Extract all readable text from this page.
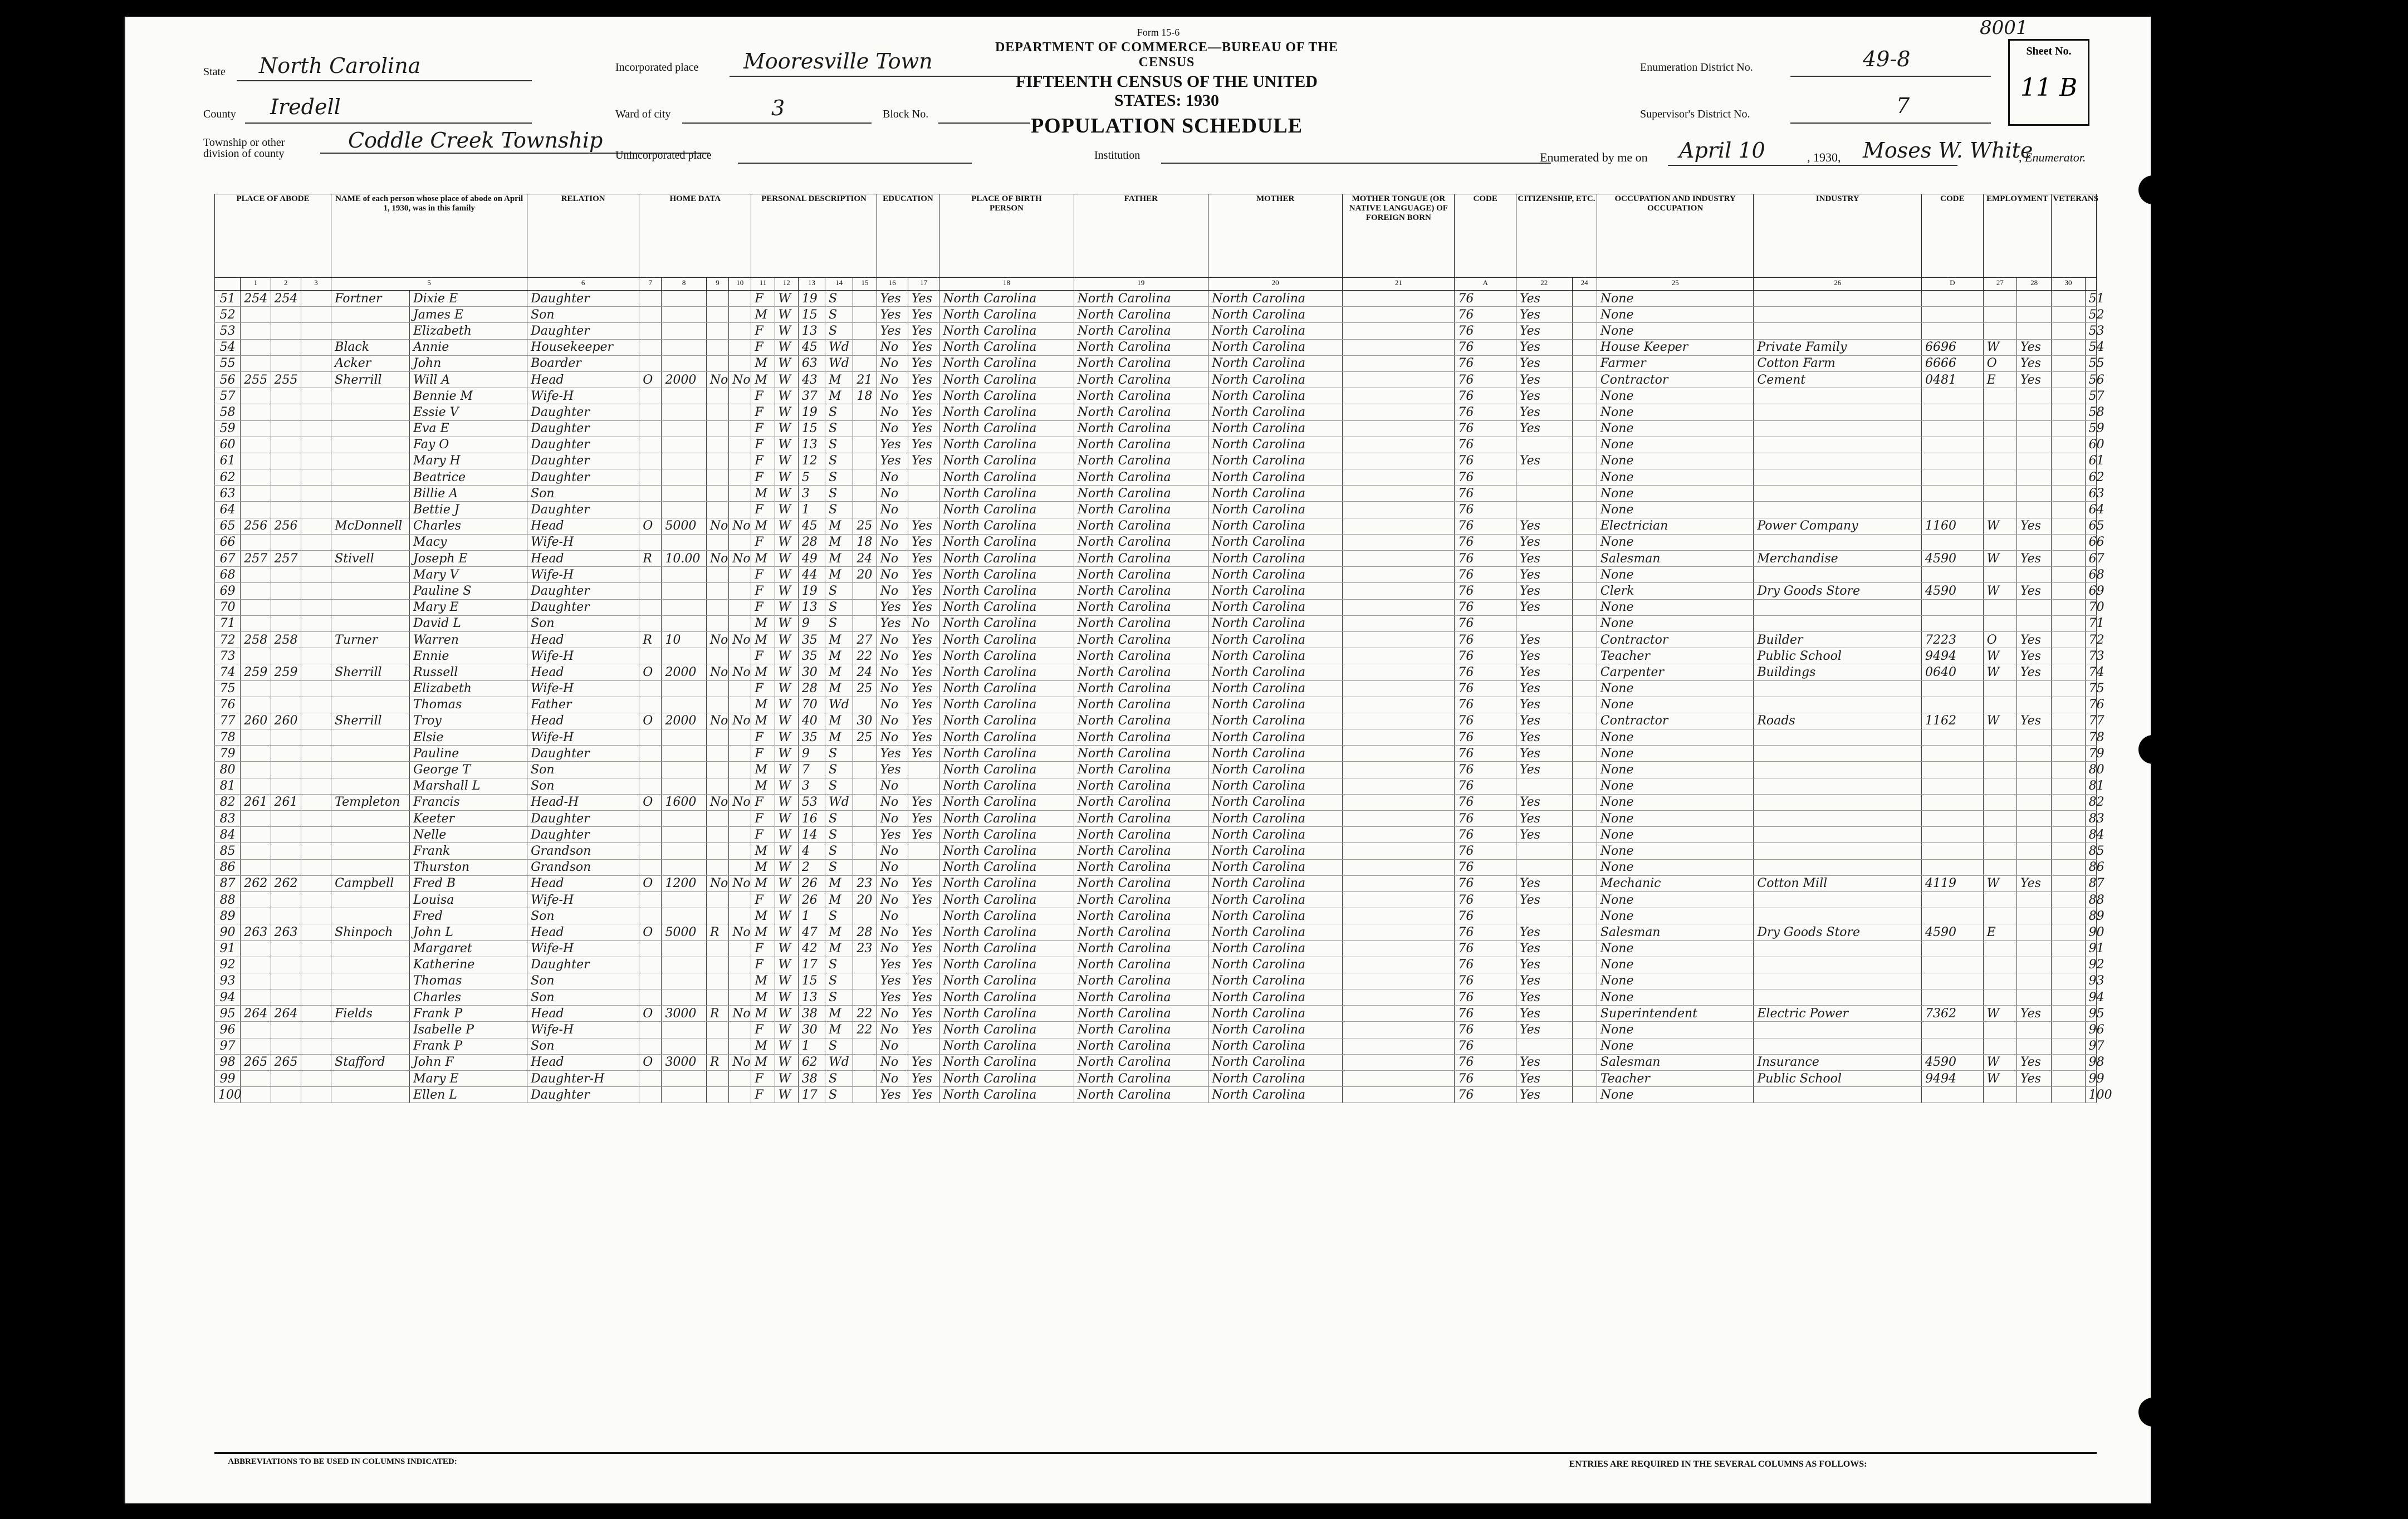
Form 15-6
DEPARTMENT OF COMMERCE—BUREAU OF THE CENSUS
FIFTEENTH CENSUS OF THE UNITED STATES: 1930
POPULATION SCHEDULE
State North Carolina
County Iredell
Township or other division of county
Coddle Creek Township
Incorporated place Mooresville Town
Ward of city	3	Block No.
Unincorporated place	Institution
Enumeration District No.	49-8
Supervisor's District No.	7
8001
Sheet No.
11 B
Enumerated by me on April 10	, 1930, Moses W. White
, Enumerator.
PLACE OF ABODE				NAME of each person whose place of abode on April 1, 1930, was in this family		RELATION	HOME DATA				PERSONAL DESCRIPTION					EDUCATION		PLACE OF BIRTH
PERSON	FATHER	MOTHER	MOTHER TONGUE (OR NATIVE LANGUAGE) OF FOREIGN BORN	CODE	CITIZENSHIP, ETC.		OCCUPATION AND INDUSTRY
OCCUPATION	INDUSTRY	CODE	EMPLOYMENT		VETERANS	
	1	2	3	5		6	7	8	9	10	11	12	13	14	15	16	17	18	19	20	21	A	22	24	25	26	D	27	28	30	
51	254	254		Fortner	Dixie E	Daughter					F	W	19	S		Yes	Yes	North Carolina	North Carolina	North Carolina		76	Yes		None						51
52					James E	Son					M	W	15	S		Yes	Yes	North Carolina	North Carolina	North Carolina		76	Yes		None						52
53					Elizabeth	Daughter					F	W	13	S		Yes	Yes	North Carolina	North Carolina	North Carolina		76	Yes		None						53
54				Black	Annie	Housekeeper					F	W	45	Wd		No	Yes	North Carolina	North Carolina	North Carolina		76	Yes		House Keeper	Private Family	6696	W	Yes		54
55				Acker	John	Boarder					M	W	63	Wd		No	Yes	North Carolina	North Carolina	North Carolina		76	Yes		Farmer	Cotton Farm	6666	O	Yes		55
56	255	255		Sherrill	Will A	Head	O	2000	No	No	M	W	43	M	21	No	Yes	North Carolina	North Carolina	North Carolina		76	Yes		Contractor	Cement	0481	E	Yes		56
57					Bennie M	Wife-H					F	W	37	M	18	No	Yes	North Carolina	North Carolina	North Carolina		76	Yes		None						57
58					Essie V	Daughter					F	W	19	S		No	Yes	North Carolina	North Carolina	North Carolina		76	Yes		None						58
59					Eva E	Daughter					F	W	15	S		No	Yes	North Carolina	North Carolina	North Carolina		76	Yes		None						59
60					Fay O	Daughter					F	W	13	S		Yes	Yes	North Carolina	North Carolina	North Carolina		76			None						60
61					Mary H	Daughter					F	W	12	S		Yes	Yes	North Carolina	North Carolina	North Carolina		76	Yes		None						61
62					Beatrice	Daughter					F	W	5	S		No		North Carolina	North Carolina	North Carolina		76			None						62
63					Billie A	Son					M	W	3	S		No		North Carolina	North Carolina	North Carolina		76			None						63
64					Bettie J	Daughter					F	W	1	S		No		North Carolina	North Carolina	North Carolina		76			None						64
65	256	256		McDonnell	Charles	Head	O	5000	No	No	M	W	45	M	25	No	Yes	North Carolina	North Carolina	North Carolina		76	Yes		Electrician	Power Company	1160	W	Yes		65
66					Macy	Wife-H					F	W	28	M	18	No	Yes	North Carolina	North Carolina	North Carolina		76	Yes		None						66
67	257	257		Stivell	Joseph E	Head	R	10.00	No	No	M	W	49	M	24	No	Yes	North Carolina	North Carolina	North Carolina		76	Yes		Salesman	Merchandise	4590	W	Yes		67
68					Mary V	Wife-H					F	W	44	M	20	No	Yes	North Carolina	North Carolina	North Carolina		76	Yes		None						68
69					Pauline S	Daughter					F	W	19	S		No	Yes	North Carolina	North Carolina	North Carolina		76	Yes		Clerk	Dry Goods Store	4590	W	Yes		69
70					Mary E	Daughter					F	W	13	S		Yes	Yes	North Carolina	North Carolina	North Carolina		76	Yes		None						70
71					David L	Son					M	W	9	S		Yes	No	North Carolina	North Carolina	North Carolina		76			None						71
72	258	258		Turner	Warren	Head	R	10	No	No	M	W	35	M	27	No	Yes	North Carolina	North Carolina	North Carolina		76	Yes		Contractor	Builder	7223	O	Yes		72
73					Ennie	Wife-H					F	W	35	M	22	No	Yes	North Carolina	North Carolina	North Carolina		76	Yes		Teacher	Public School	9494	W	Yes		73
74	259	259		Sherrill	Russell	Head	O	2000	No	No	M	W	30	M	24	No	Yes	North Carolina	North Carolina	North Carolina		76	Yes		Carpenter	Buildings	0640	W	Yes		74
75					Elizabeth	Wife-H					F	W	28	M	25	No	Yes	North Carolina	North Carolina	North Carolina		76	Yes		None						75
76					Thomas	Father					M	W	70	Wd		No	Yes	North Carolina	North Carolina	North Carolina		76	Yes		None						76
77	260	260		Sherrill	Troy	Head	O	2000	No	No	M	W	40	M	30	No	Yes	North Carolina	North Carolina	North Carolina		76	Yes		Contractor	Roads	1162	W	Yes		77
78					Elsie	Wife-H					F	W	35	M	25	No	Yes	North Carolina	North Carolina	North Carolina		76	Yes		None						78
79					Pauline	Daughter					F	W	9	S		Yes	Yes	North Carolina	North Carolina	North Carolina		76	Yes		None						79
80					George T	Son					M	W	7	S		Yes		North Carolina	North Carolina	North Carolina		76	Yes		None						80
81					Marshall L	Son					M	W	3	S		No		North Carolina	North Carolina	North Carolina		76			None						81
82	261	261		Templeton	Francis	Head-H	O	1600	No	No	F	W	53	Wd		No	Yes	North Carolina	North Carolina	North Carolina		76	Yes		None						82
83					Keeter	Daughter					F	W	16	S		No	Yes	North Carolina	North Carolina	North Carolina		76	Yes		None						83
84					Nelle	Daughter					F	W	14	S		Yes	Yes	North Carolina	North Carolina	North Carolina		76	Yes		None						84
85					Frank	Grandson					M	W	4	S		No		North Carolina	North Carolina	North Carolina		76			None						85
86					Thurston	Grandson					M	W	2	S		No		North Carolina	North Carolina	North Carolina		76			None						86
87	262	262		Campbell	Fred B	Head	O	1200	No	No	M	W	26	M	23	No	Yes	North Carolina	North Carolina	North Carolina		76	Yes		Mechanic	Cotton Mill	4119	W	Yes		87
88					Louisa	Wife-H					F	W	26	M	20	No	Yes	North Carolina	North Carolina	North Carolina		76	Yes		None						88
89					Fred	Son					M	W	1	S		No		North Carolina	North Carolina	North Carolina		76			None						89
90	263	263		Shinpoch	John L	Head	O	5000	R	No	M	W	47	M	28	No	Yes	North Carolina	North Carolina	North Carolina		76	Yes		Salesman	Dry Goods Store	4590	E			90
91					Margaret	Wife-H					F	W	42	M	23	No	Yes	North Carolina	North Carolina	North Carolina		76	Yes		None						91
92					Katherine	Daughter					F	W	17	S		Yes	Yes	North Carolina	North Carolina	North Carolina		76	Yes		None						92
93					Thomas	Son					M	W	15	S		Yes	Yes	North Carolina	North Carolina	North Carolina		76	Yes		None						93
94					Charles	Son					M	W	13	S		Yes	Yes	North Carolina	North Carolina	North Carolina		76	Yes		None						94
95	264	264		Fields	Frank P	Head	O	3000	R	No	M	W	38	M	22	No	Yes	North Carolina	North Carolina	North Carolina		76	Yes		Superintendent	Electric Power	7362	W	Yes		95
96					Isabelle P	Wife-H					F	W	30	M	22	No	Yes	North Carolina	North Carolina	North Carolina		76	Yes		None						96
97					Frank P	Son					M	W	1	S		No		North Carolina	North Carolina	North Carolina		76			None						97
98	265	265		Stafford	John F	Head	O	3000	R	No	M	W	62	Wd		No	Yes	North Carolina	North Carolina	North Carolina		76	Yes		Salesman	Insurance	4590	W	Yes		98
99					Mary E	Daughter-H					F	W	38	S		No	Yes	North Carolina	North Carolina	North Carolina		76	Yes		Teacher	Public School	9494	W	Yes		99
100					Ellen L	Daughter					F	W	17	S		Yes	Yes	North Carolina	North Carolina	North Carolina		76	Yes		None						100
ABBREVIATIONS TO BE USED IN COLUMNS INDICATED:	ENTRIES ARE REQUIRED IN THE SEVERAL COLUMNS AS FOLLOWS:
